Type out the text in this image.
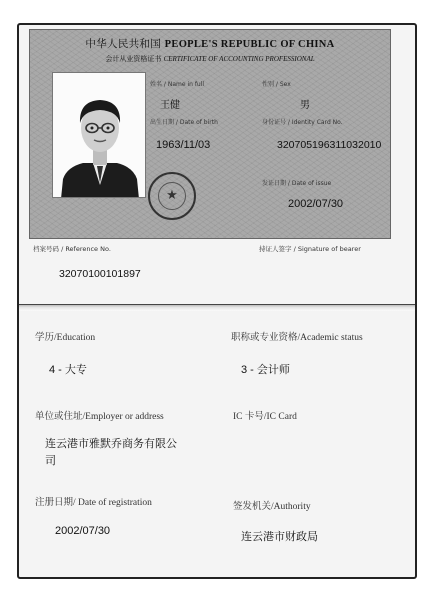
中华人民共和国 PEOPLE'S REPUBLIC OF CHINA
会计从业资格证书 CERTIFICATE OF ACCOUNTING PROFESSIONAL
姓名 / Name in full
王健
性别 / Sex
男
出生日期 / Date of birth
1963/11/03
身份证号 / Identity Card No.
320705196311032010
发证日期 / Date of issue
2002/07/30
★
档案号码 / Reference No.	持证人签字 / Signature of bearer
32070100101897
学历/Education
4 - 大专
职称或专业资格/Academic status
3 - 会计师
单位或住址/Employer or address
连云港市雅默乔商务有限公司
IC 卡号/IC Card
注册日期/ Date of registration
2002/07/30
签发机关/Authority
连云港市财政局
